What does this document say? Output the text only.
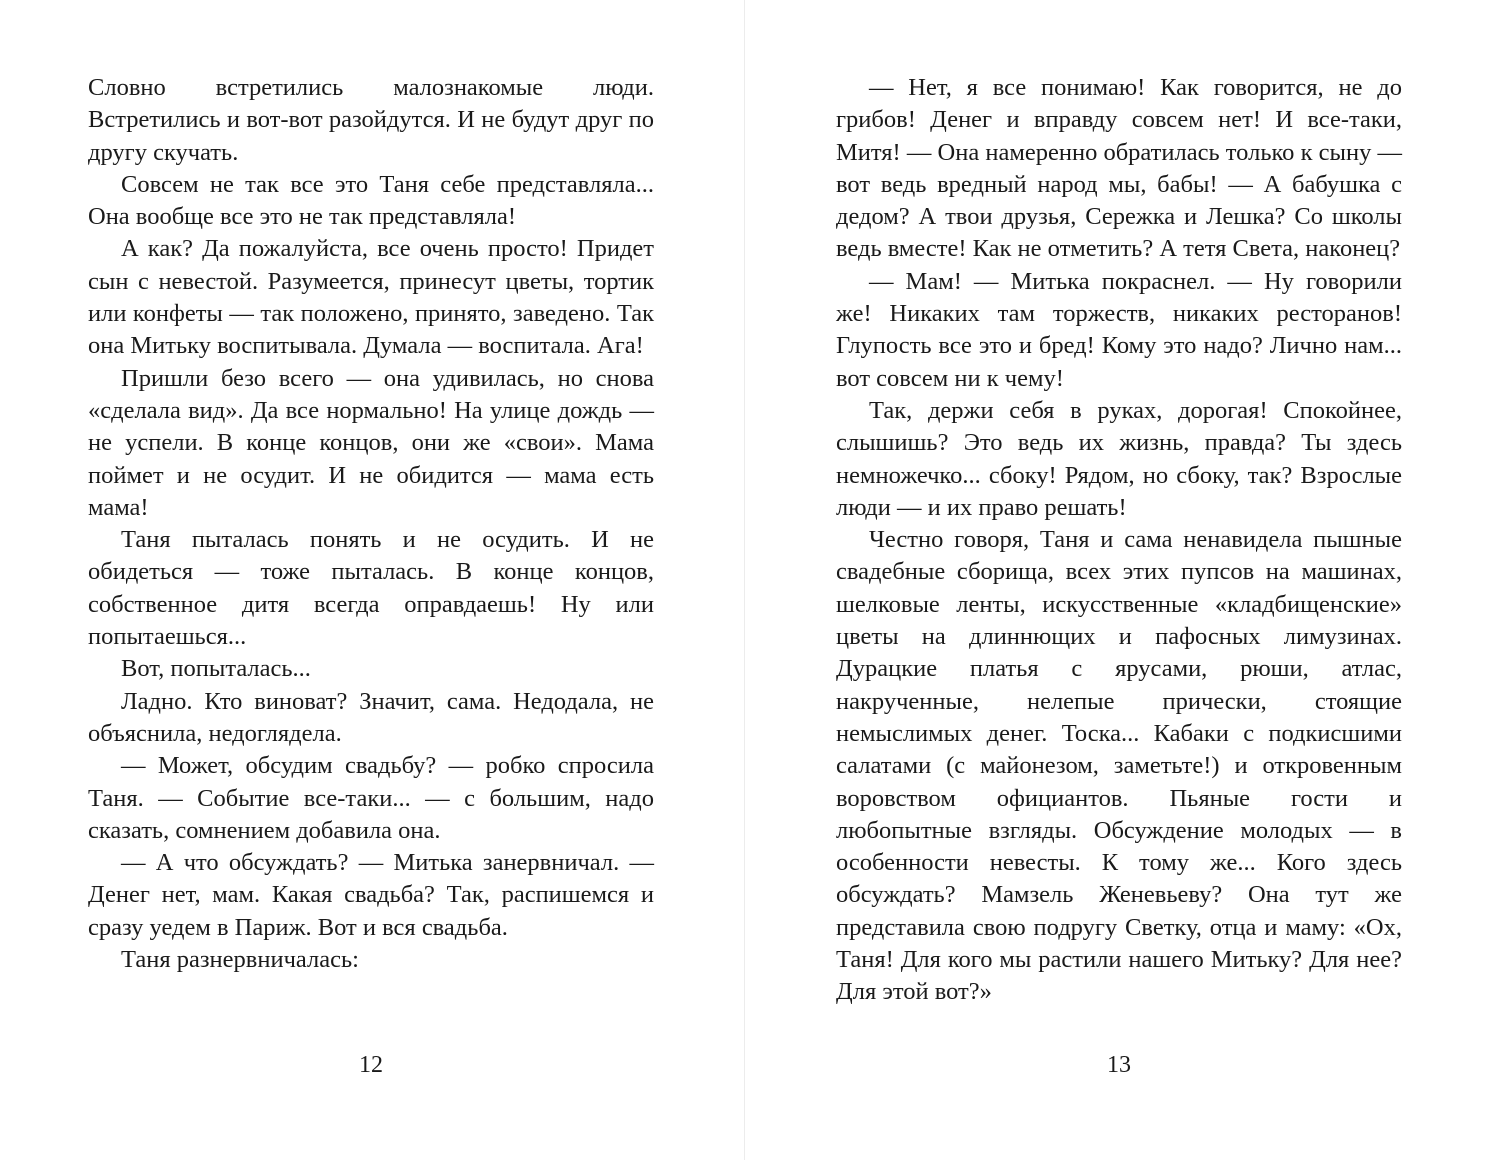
Словно встретились малознакомые люди. Встретились и вот-вот разойдутся. И не будут друг по другу скучать.

Совсем не так все это Таня себе представляла... Она вообще все это не так представляла!

А как? Да пожалуйста, все очень просто! Придет сын с невестой. Разумеется, принесут цветы, тортик или конфеты — так положено, принято, заведено. Так она Митьку воспитывала. Думала — воспитала. Ага!

Пришли безо всего — она удивилась, но снова «сделала вид». Да все нормально! На улице дождь — не успели. В конце концов, они же «свои». Мама поймет и не осудит. И не обидится — мама есть мама!

Таня пыталась понять и не осудить. И не обидеться — тоже пыталась. В конце концов, собственное дитя всегда оправдаешь! Ну или попытаешься...

Вот, попыталась...

Ладно. Кто виноват? Значит, сама. Недодала, не объяснила, недоглядела.

— Может, обсудим свадьбу? — робко спросила Таня. — Событие все-таки... — с большим, надо сказать, сомнением добавила она.

— А что обсуждать? — Митька занервничал. — Денег нет, мам. Какая свадьба? Так, распишемся и сразу уедем в Париж. Вот и вся свадьба.

Таня разнервничалась:

12

— Нет, я все понимаю! Как говорится, не до грибов! Денег и вправду совсем нет! И все-таки, Митя! — Она намеренно обратилась только к сыну — вот ведь вредный народ мы, бабы! — А бабушка с дедом? А твои друзья, Сережка и Лешка? Со школы ведь вместе! Как не отметить? А тетя Света, наконец?

— Мам! — Митька покраснел. — Ну говорили же! Никаких там торжеств, никаких ресторанов! Глупость все это и бред! Кому это надо? Лично нам... вот совсем ни к чему!

Так, держи себя в руках, дорогая! Спокойнее, слышишь? Это ведь их жизнь, правда? Ты здесь немножечко... сбоку! Рядом, но сбоку, так? Взрослые люди — и их право решать!

Честно говоря, Таня и сама ненавидела пышные свадебные сборища, всех этих пупсов на машинах, шелковые ленты, искусственные «кладбищенские» цветы на длиннющих и пафосных лимузинах. Дурацкие платья с ярусами, рюши, атлас, накрученные, нелепые прически, стоящие немыслимых денег. Тоска... Кабаки с подкисшими салатами (с майонезом, заметьте!) и откровенным воровством официантов. Пьяные гости и любопытные взгляды. Обсуждение молодых — в особенности невесты. К тому же... Кого здесь обсуждать? Мамзель Женевьеву? Она тут же представила свою подругу Светку, отца и маму: «Ох, Таня! Для кого мы растили нашего Митьку? Для нее? Для этой вот?»

13
